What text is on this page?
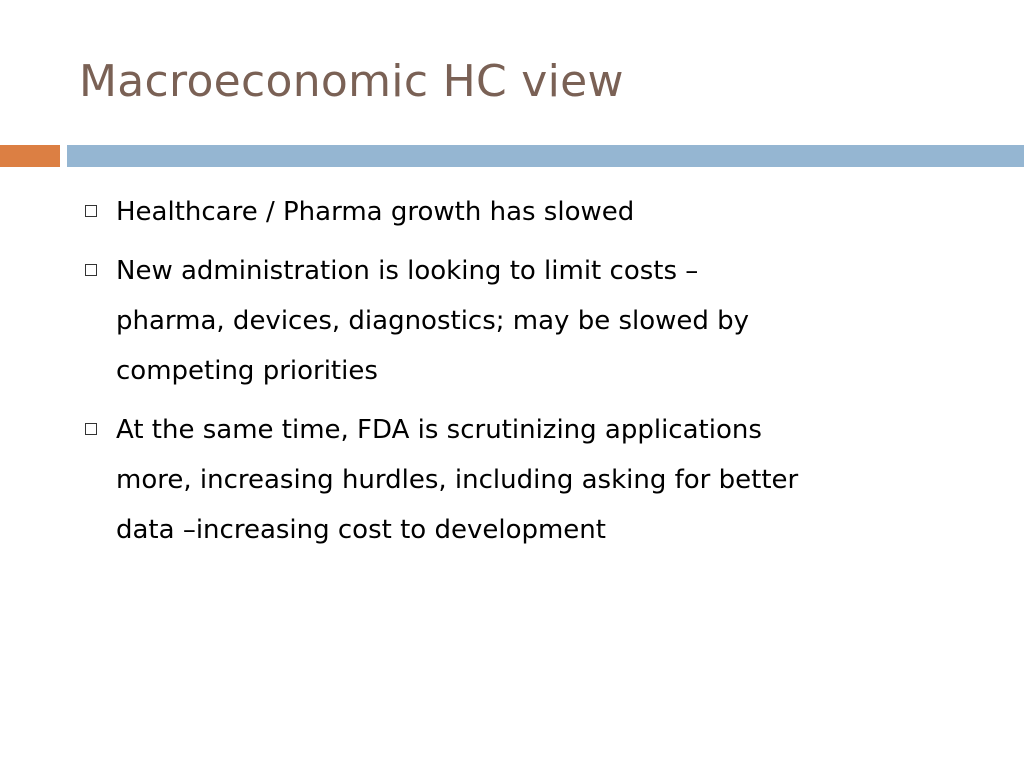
Macroeconomic HC view
Healthcare / Pharma growth has slowed
New administration is looking to limit costs –
pharma, devices, diagnostics; may be slowed by
competing priorities
At the same time, FDA is scrutinizing applications
more, increasing hurdles, including asking for better
data –increasing cost to development
